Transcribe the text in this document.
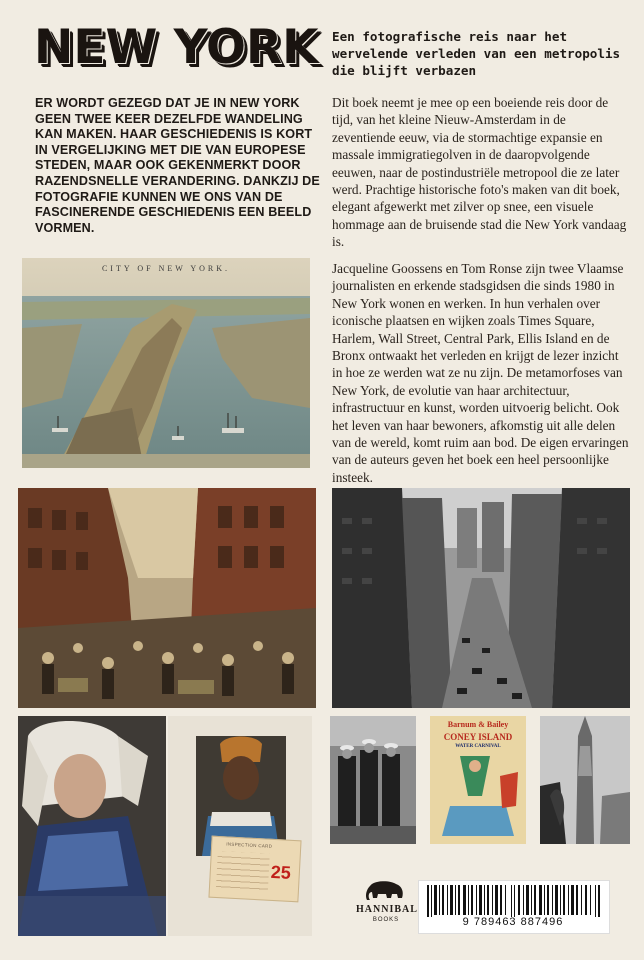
NEW YORK

ER WORDT GEZEGD DAT JE IN NEW YORK GEEN TWEE KEER DEZELFDE WANDELING KAN MAKEN. HAAR GESCHIEDENIS IS KORT IN VERGELIJKING MET DIE VAN EUROPESE STEDEN, MAAR OOK GEKENMERKT DOOR RAZENDSNELLE VERANDERING. DANKZIJ DE FOTOGRAFIE KUNNEN WE ONS VAN DE FASCINERENDE GESCHIEDENIS EEN BEELD VORMEN.

Een fotografische reis naar het wervelende verleden van een metropolis die blijft verbazen
Dit boek neemt je mee op een boeiende reis door de tijd, van het kleine Nieuw-Amsterdam in de zeventiende eeuw, via de stormachtige expansie en massale immigratiegolven in de daaropvolgende eeuwen, naar de postindustriële metropool die ze later werd. Prachtige historische foto's maken van dit boek, elegant afgewerkt met zilver op snee, een visuele hommage aan de bruisende stad die New York vandaag is.
Jacqueline Goossens en Tom Ronse zijn twee Vlaamse journalisten en erkende stadsgidsen die sinds 1980 in New York wonen en werken. In hun verhalen over iconische plaatsen en wijken zoals Times Square, Harlem, Wall Street, Central Park, Ellis Island en de Bronx ontwaakt het verleden en krijgt de lezer inzicht in hoe ze werden wat ze nu zijn. De metamorfoses van New York, de evolutie van haar architectuur, infrastructuur en kunst, worden uitvoerig belicht. Ook het leven van haar bewoners, afkomstig uit alle delen van de wereld, komt ruim aan bod. De eigen ervaringen van de auteurs geven het boek een heel persoonlijke insteek.
CITY OF NEW YORK.
INSPECTION CARD
25
Barnum & Bailey
CONEY ISLAND
WATER CARNIVAL
HANNIBAL
BOOKS	9 789463 887496
